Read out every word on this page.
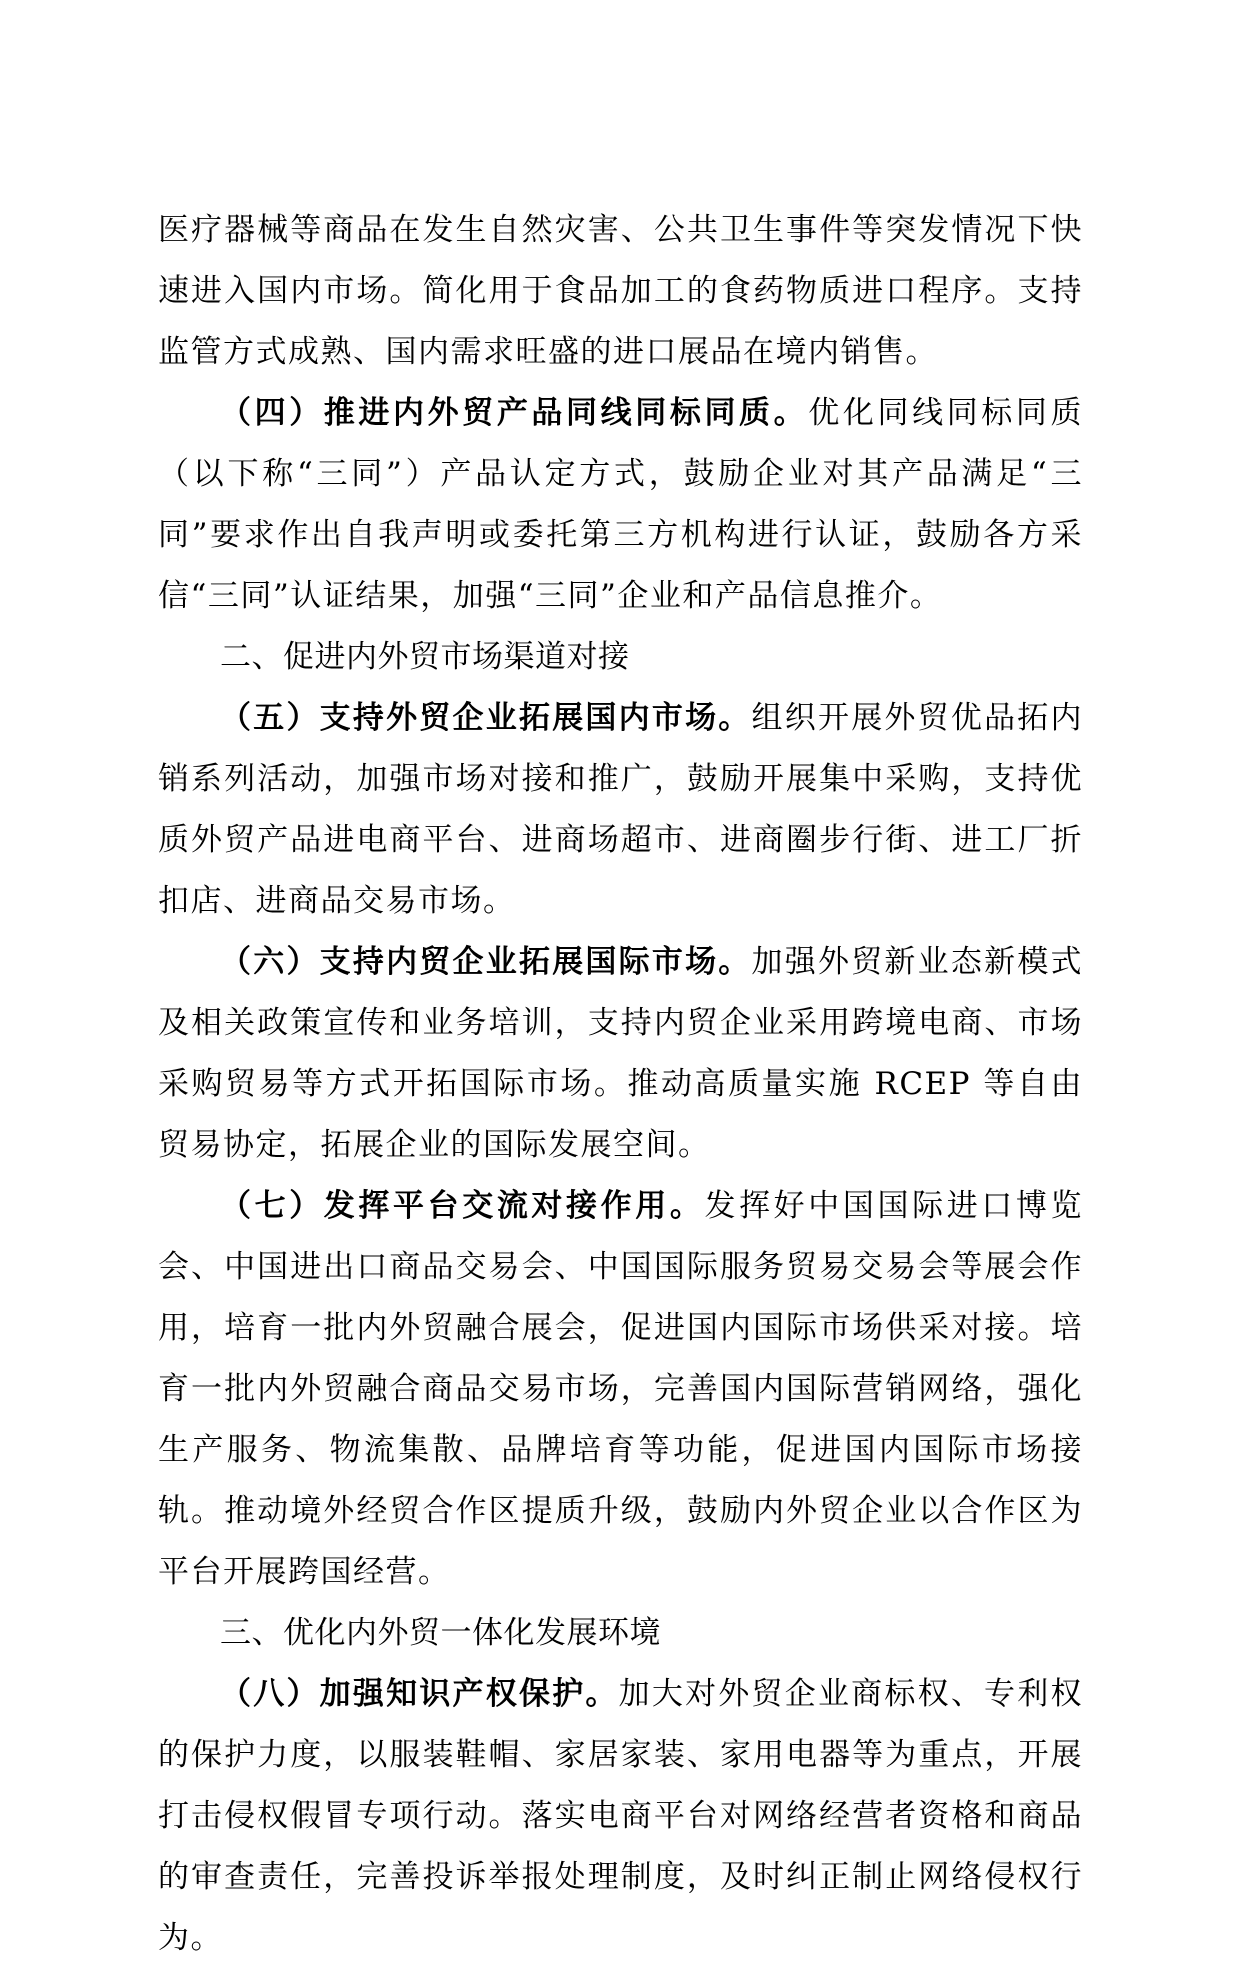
医疗器械等商品在发生自然灾害、公共卫生事件等突发情况下快速进入国内市场。简化用于食品加工的食药物质进口程序。支持监管方式成熟、国内需求旺盛的进口展品在境内销售。

（四）推进内外贸产品同线同标同质。优化同线同标同质（以下称“三同”）产品认定方式，鼓励企业对其产品满足“三同”要求作出自我声明或委托第三方机构进行认证，鼓励各方采信“三同”认证结果，加强“三同”企业和产品信息推介。

二、促进内外贸市场渠道对接

（五）支持外贸企业拓展国内市场。组织开展外贸优品拓内销系列活动，加强市场对接和推广，鼓励开展集中采购，支持优质外贸产品进电商平台、进商场超市、进商圈步行街、进工厂折扣店、进商品交易市场。

（六）支持内贸企业拓展国际市场。加强外贸新业态新模式及相关政策宣传和业务培训，支持内贸企业采用跨境电商、市场采购贸易等方式开拓国际市场。推动高质量实施 RCEP 等自由贸易协定，拓展企业的国际发展空间。

（七）发挥平台交流对接作用。发挥好中国国际进口博览会、中国进出口商品交易会、中国国际服务贸易交易会等展会作用，培育一批内外贸融合展会，促进国内国际市场供采对接。培育一批内外贸融合商品交易市场，完善国内国际营销网络，强化生产服务、物流集散、品牌培育等功能，促进国内国际市场接轨。推动境外经贸合作区提质升级，鼓励内外贸企业以合作区为平台开展跨国经营。

三、优化内外贸一体化发展环境

（八）加强知识产权保护。加大对外贸企业商标权、专利权的保护力度，以服装鞋帽、家居家装、家用电器等为重点，开展打击侵权假冒专项行动。落实电商平台对网络经营者资格和商品的审查责任，完善投诉举报处理制度，及时纠正制止网络侵权行为。
